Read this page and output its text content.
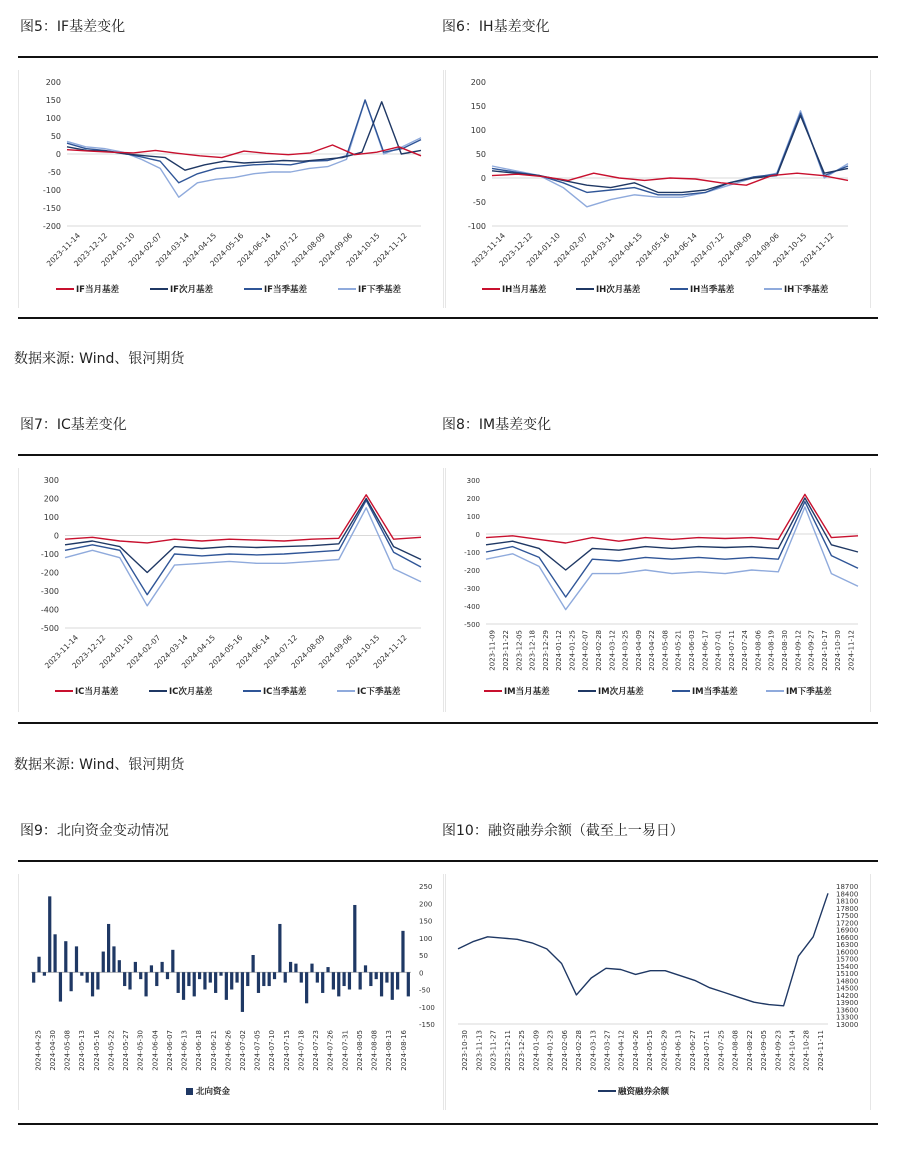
图5：IF基差变化	图6：IH基差变化
200
150
100
50
0
-50
-100
-150
-200
2023-11-14
2023-12-12
2024-01-10
2024-02-07
2024-03-14
2024-04-15
2024-05-16
2024-06-14
2024-07-12
2024-08-09
2024-09-06
2024-10-15
2024-11-12
IF当月基差	IF次月基差	IF当季基差	IF下季基差
200
150
100
50
0
-50
-100
2023-11-14
2023-12-12
2024-01-10
2024-02-07
2024-03-14
2024-04-15
2024-05-16
2024-06-14
2024-07-12
2024-08-09
2024-09-06
2024-10-15
2024-11-12
IH当月基差	IH次月基差	IH当季基差	IH下季基差
数据来源: Wind、银河期货
图7：IC基差变化	图8：IM基差变化
300
200
100
0
-100
-200
-300
-400
-500
2023-11-14
2023-12-12
2024-01-10
2024-02-07
2024-03-14
2024-04-15
2024-05-16
2024-06-14
2024-07-12
2024-08-09
2024-09-06
2024-10-15
2024-11-12
IC当月基差	IC次月基差	IC当季基差	IC下季基差
300
200
100
0
-100
-200
-300
-400
-500
2023-11-09 2023-11-22 2023-12-05 2023-12-18 2023-12-29 2024-01-12 2024-01-25 2024-02-07 2024-02-28 2024-03-12 2024-03-25 2024-04-09 2024-04-22 2024-05-08 2024-05-21 2024-06-03 2024-06-17 2024-07-01 2024-07-11 2024-07-24 2024-08-06 2024-08-19 2024-08-30 2024-09-12 2024-09-27 2024-10-17 2024-10-30 2024-11-12
IM当月基差	IM次月基差	IM当季基差	IM下季基差
数据来源: Wind、银河期货
图9：北向资金变动情况	图10：融资融券余额（截至上一易日）
250
200
150
100
50
0
-50
-100
-150
2024-04-25 2024-04-30 2024-05-08 2024-05-13 2024-05-16 2024-05-22 2024-05-27 2024-05-30 2024-06-04 2024-06-07 2024-06-13 2024-06-18 2024-06-21 2024-06-26 2024-07-02 2024-07-05 2024-07-10 2024-07-15 2024-07-18 2024-07-23 2024-07-26 2024-07-31 2024-08-05 2024-08-08 2024-08-13 2024-08-16
北向资金
18700
18400
18100
17800
17500
17200
16900
16600
16300
16000
15700
15400
15100
14800
14500
14200
13900
13600
13300
13000
2023-10-30 2023-11-13 2023-11-27 2023-12-11 2023-12-25 2024-01-09 2024-01-23 2024-02-06 2024-02-28 2024-03-13 2024-03-27 2024-04-12 2024-04-26 2024-05-15 2024-05-29 2024-06-13 2024-06-27 2024-07-11 2024-07-25 2024-08-08 2024-08-22 2024-09-05 2024-09-23 2024-10-14 2024-10-28 2024-11-11
融资融券余额
